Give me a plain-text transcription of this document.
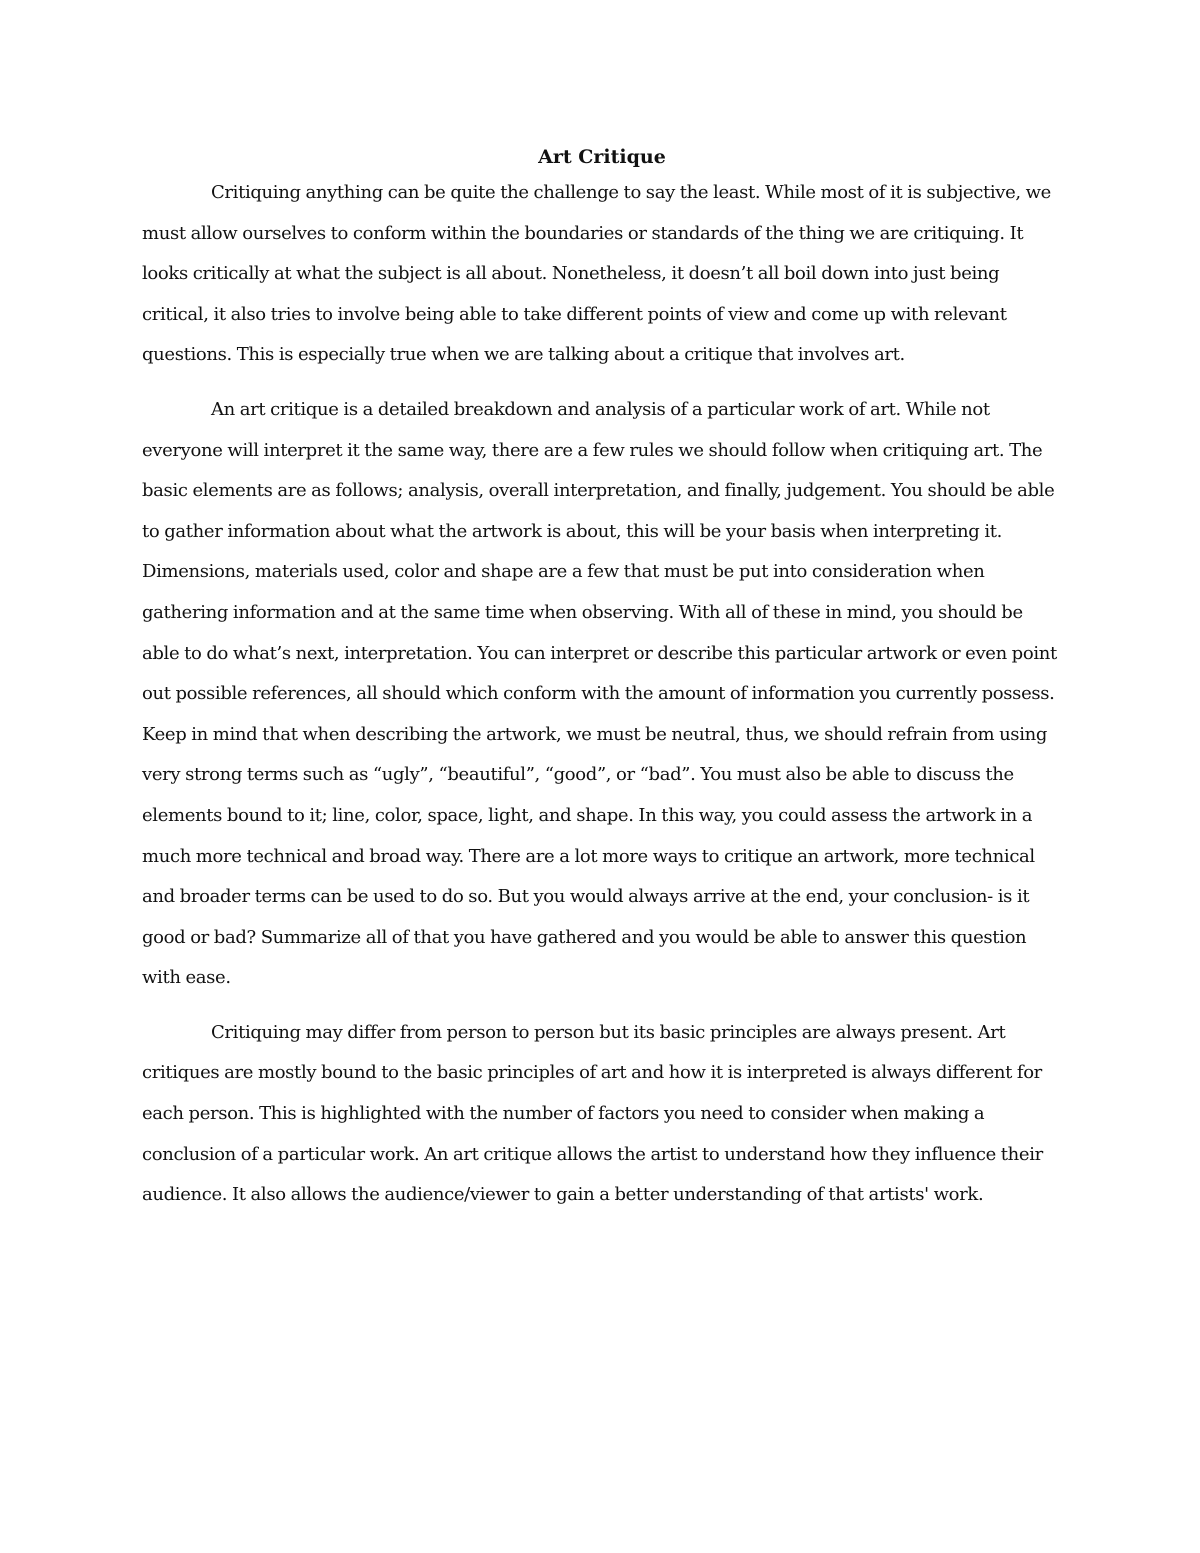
Art Critique

Critiquing anything can be quite the challenge to say the least. While most of it is subjective, we must allow ourselves to conform within the boundaries or standards of the thing we are critiquing. It looks critically at what the subject is all about. Nonetheless, it doesn’t all boil down into just being critical, it also tries to involve being able to take different points of view and come up with relevant questions. This is especially true when we are talking about a critique that involves art.

An art critique is a detailed breakdown and analysis of a particular work of art. While not everyone will interpret it the same way, there are a few rules we should follow when critiquing art. The basic elements are as follows; analysis, overall interpretation, and finally, judgement. You should be able to gather information about what the artwork is about, this will be your basis when interpreting it. Dimensions, materials used, color and shape are a few that must be put into consideration when gathering information and at the same time when observing. With all of these in mind, you should be able to do what’s next, interpretation. You can interpret or describe this particular artwork or even point out possible references, all should which conform with the amount of information you currently possess. Keep in mind that when describing the artwork, we must be neutral, thus, we should refrain from using very strong terms such as “ugly”, “beautiful”, “good”, or “bad”. You must also be able to discuss the elements bound to it; line, color, space, light, and shape. In this way, you could assess the artwork in a much more technical and broad way. There are a lot more ways to critique an artwork, more technical and broader terms can be used to do so. But you would always arrive at the end, your conclusion- is it good or bad? Summarize all of that you have gathered and you would be able to answer this question with ease.

Critiquing may differ from person to person but its basic principles are always present. Art critiques are mostly bound to the basic principles of art and how it is interpreted is always different for each person. This is highlighted with the number of factors you need to consider when making a conclusion of a particular work. An art critique allows the artist to understand how they influence their audience. It also allows the audience/viewer to gain a better understanding of that artists' work.
